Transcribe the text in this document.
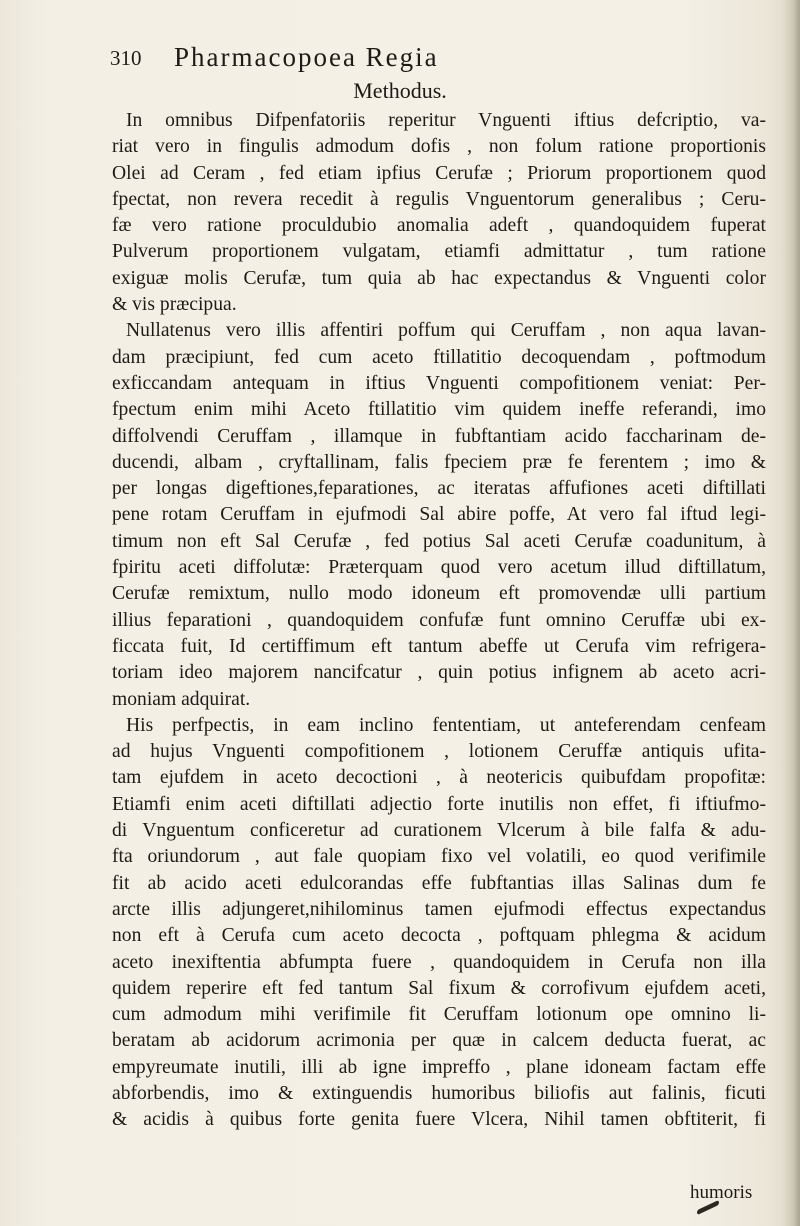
310 Pharmacopoea Regia
Methodus.
In omnibus Difpenfatoriis reperitur Vnguenti iftius defcriptio, va-
riat vero in fingulis admodum dofis , non folum ratione proportionis
Olei ad Ceram , fed etiam ipfius Cerufæ ; Priorum proportionem quod
fpectat, non revera recedit à regulis Vnguentorum generalibus ; Ceru-
fæ vero ratione proculdubio anomalia adeft , quandoquidem fuperat
Pulverum proportionem vulgatam, etiamfi admittatur , tum ratione
exiguæ molis Cerufæ, tum quia ab hac expectandus & Vnguenti color
& vis præcipua.
Nullatenus vero illis affentiri poffum qui Ceruffam , non aqua lavan-
dam præcipiunt, fed cum aceto ftillatitio decoquendam , poftmodum
exficcandam antequam in iftius Vnguenti compofitionem veniat: Per-
fpectum enim mihi Aceto ftillatitio vim quidem ineffe referandi, imo
diffolvendi Ceruffam , illamque in fubftantiam acido faccharinam de-
ducendi, albam , cryftallinam, falis fpeciem præ fe ferentem ; imo &
per longas digeftiones,feparationes, ac iteratas affufiones aceti diftillati
pene rotam Ceruffam in ejufmodi Sal abire poffe, At vero fal iftud legi-
timum non eft Sal Cerufæ , fed potius Sal aceti Cerufæ coadunitum, à
fpiritu aceti diffolutæ: Præterquam quod vero acetum illud diftillatum,
Cerufæ remixtum, nullo modo idoneum eft promovendæ ulli partium
illius feparationi , quandoquidem confufæ funt omnino Ceruffæ ubi ex-
ficcata fuit, Id certiffimum eft tantum abeffe ut Cerufa vim refrigera-
toriam ideo majorem nancifcatur , quin potius infignem ab aceto acri-
moniam adquirat.
His perfpectis, in eam inclino fententiam, ut anteferendam cenfeam
ad hujus Vnguenti compofitionem , lotionem Ceruffæ antiquis ufita-
tam ejufdem in aceto decoctioni , à neotericis quibufdam propofitæ:
Etiamfi enim aceti diftillati adjectio forte inutilis non effet, fi iftiufmo-
di Vnguentum conficeretur ad curationem Vlcerum à bile falfa & adu-
fta oriundorum , aut fale quopiam fixo vel volatili, eo quod verifimile
fit ab acido aceti edulcorandas effe fubftantias illas Salinas dum fe
arcte illis adjungeret,nihilominus tamen ejufmodi effectus expectandus
non eft à Cerufa cum aceto decocta , poftquam phlegma & acidum
aceto inexiftentia abfumpta fuere , quandoquidem in Cerufa non illa
quidem reperire eft fed tantum Sal fixum & corrofivum ejufdem aceti,
cum admodum mihi verifimile fit Ceruffam lotionum ope omnino li-
beratam ab acidorum acrimonia per quæ in calcem deducta fuerat, ac
empyreumate inutili, illi ab igne impreffo , plane idoneam factam effe
abforbendis, imo & extinguendis humoribus biliofis aut falinis, ficuti
& acidis à quibus forte genita fuere Vlcera, Nihil tamen obftiterit, fi
humoris
